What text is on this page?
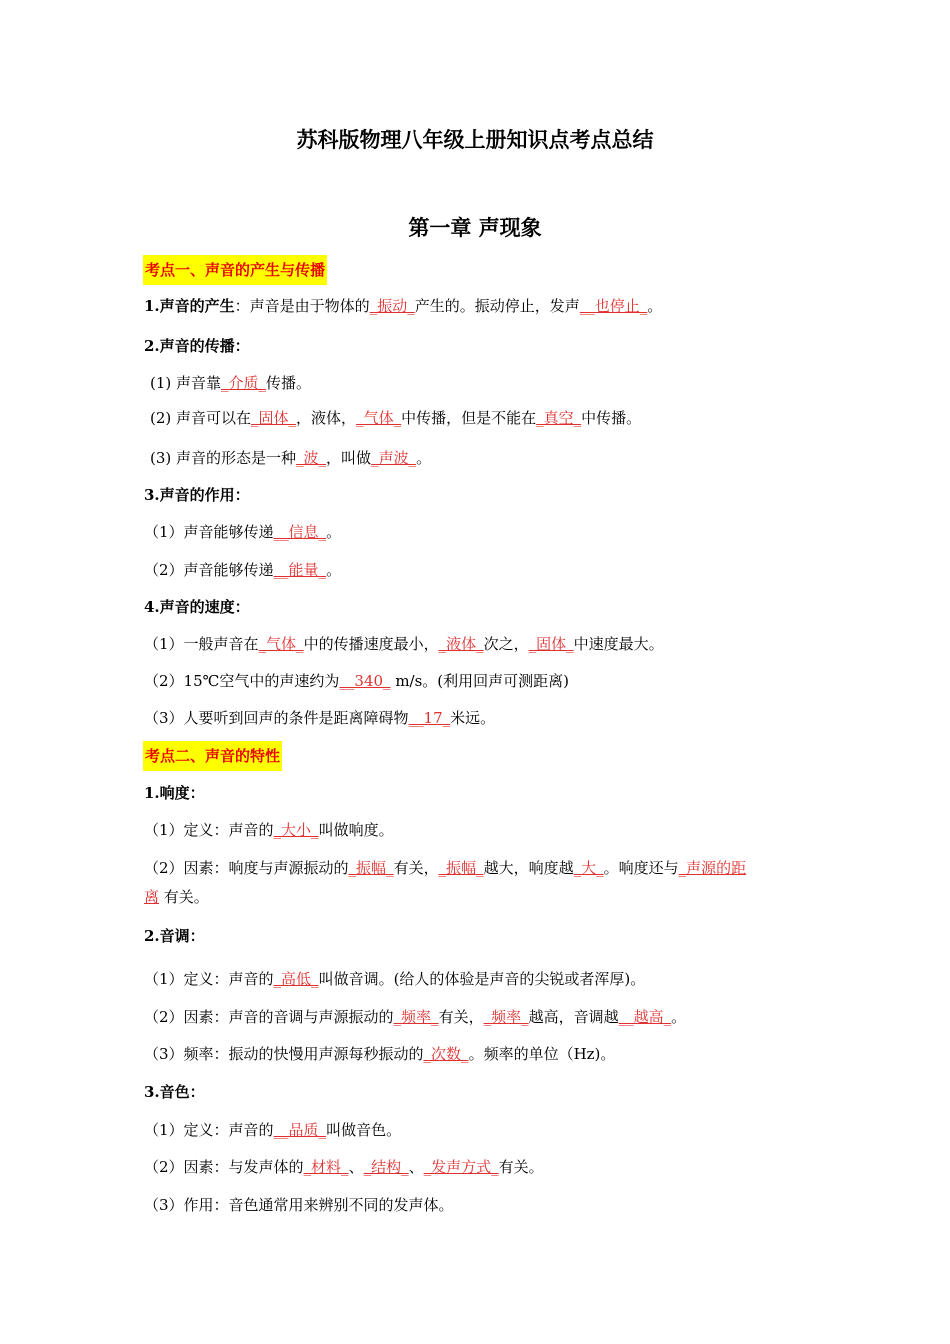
苏科版物理八年级上册知识点考点总结
第一章 声现象
考点一、声音的产生与传播
1.声音的产生：声音是由于物体的_振动_产生的。振动停止，发声__也停止_。
2.声音的传播：
(1) 声音靠_介质_传播。
(2) 声音可以在_固体_，液体，_气体_中传播，但是不能在_真空_中传播。
(3) 声音的形态是一种_波_，叫做_声波_。
3.声音的作用：
（1）声音能够传递__信息_。
（2）声音能够传递__能量_。
4.声音的速度：
（1）一般声音在_气体_中的传播速度最小，_液体_次之，_固体_中速度最大。
（2）15℃空气中的声速约为__340_ m/s。(利用回声可测距离)
（3）人要听到回声的条件是距离障碍物__17_米远。
考点二、声音的特性
1.响度：
（1）定义：声音的_大小_叫做响度。
（2）因素：响度与声源振动的_振幅_有关，_振幅_越大，响度越_大_。响度还与_声源的距
离 有关。
2.音调：
（1）定义：声音的_高低_叫做音调。(给人的体验是声音的尖锐或者浑厚)。
（2）因素：声音的音调与声源振动的_频率_有关，_频率_越高，音调越__越高_。
（3）频率：振动的快慢用声源每秒振动的_次数_。频率的单位（Hz)。
3.音色：
（1）定义：声音的__品质_叫做音色。
（2）因素：与发声体的_材料_、_结构_、_发声方式_有关。
（3）作用：音色通常用来辨别不同的发声体。
